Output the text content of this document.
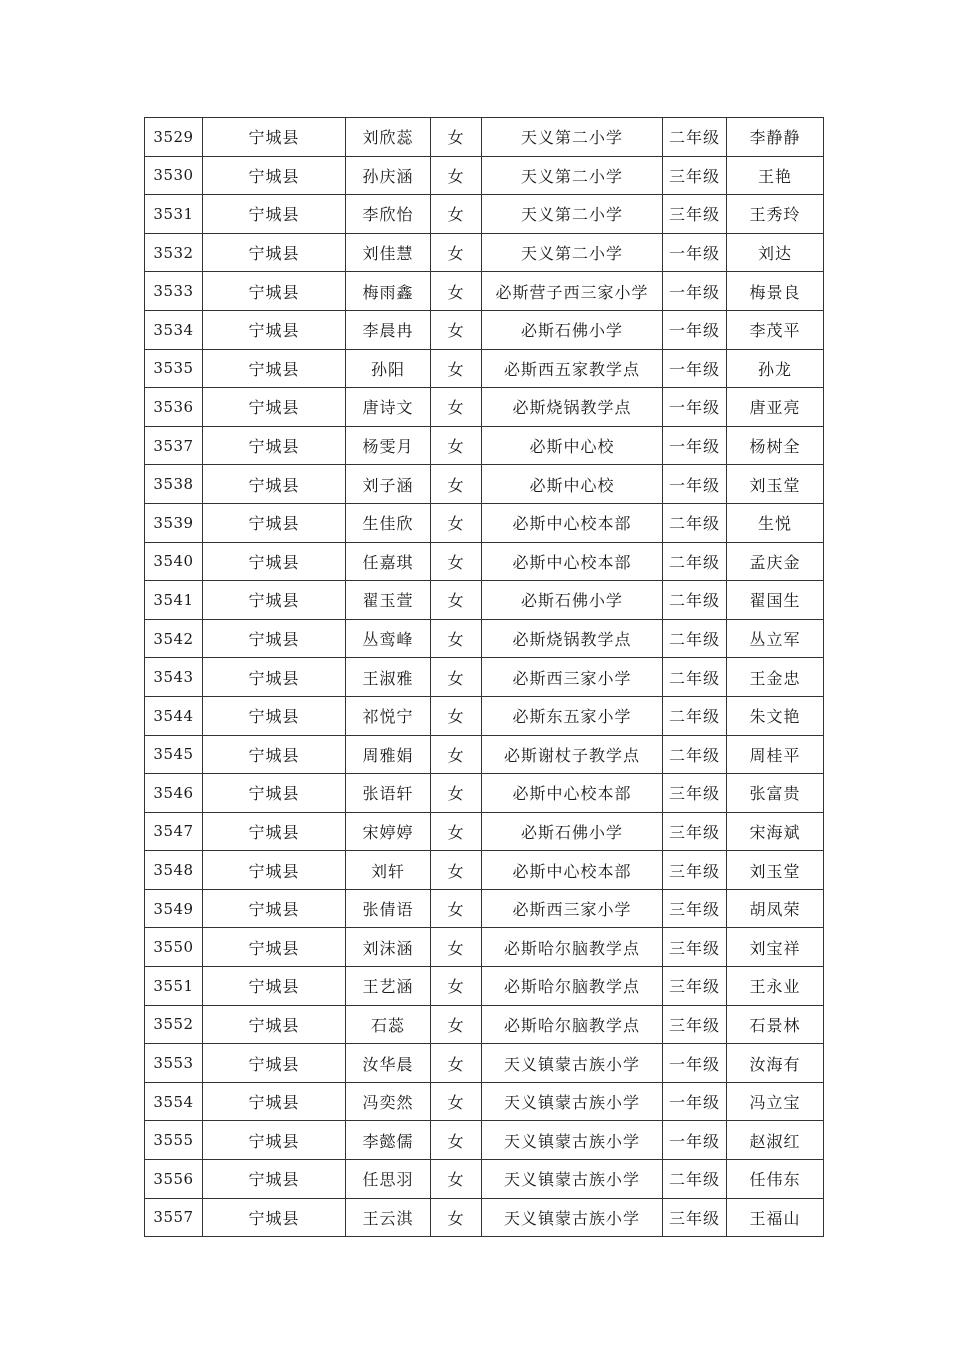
3529	宁城县	刘欣蕊	女	天义第二小学	二年级	李静静
3530	宁城县	孙庆涵	女	天义第二小学	三年级	王艳
3531	宁城县	李欣怡	女	天义第二小学	三年级	王秀玲
3532	宁城县	刘佳慧	女	天义第二小学	一年级	刘达
3533	宁城县	梅雨鑫	女	必斯营子西三家小学	一年级	梅景良
3534	宁城县	李晨冉	女	必斯石佛小学	一年级	李茂平
3535	宁城县	孙阳	女	必斯西五家教学点	一年级	孙龙
3536	宁城县	唐诗文	女	必斯烧锅教学点	一年级	唐亚亮
3537	宁城县	杨雯月	女	必斯中心校	一年级	杨树全
3538	宁城县	刘子涵	女	必斯中心校	一年级	刘玉堂
3539	宁城县	生佳欣	女	必斯中心校本部	二年级	生悦
3540	宁城县	任嘉琪	女	必斯中心校本部	二年级	孟庆金
3541	宁城县	翟玉萱	女	必斯石佛小学	二年级	翟国生
3542	宁城县	丛鸾峰	女	必斯烧锅教学点	二年级	丛立军
3543	宁城县	王淑雅	女	必斯西三家小学	二年级	王金忠
3544	宁城县	祁悦宁	女	必斯东五家小学	二年级	朱文艳
3545	宁城县	周雅娟	女	必斯谢杖子教学点	二年级	周桂平
3546	宁城县	张语轩	女	必斯中心校本部	三年级	张富贵
3547	宁城县	宋婷婷	女	必斯石佛小学	三年级	宋海斌
3548	宁城县	刘轩	女	必斯中心校本部	三年级	刘玉堂
3549	宁城县	张倩语	女	必斯西三家小学	三年级	胡凤荣
3550	宁城县	刘沫涵	女	必斯哈尔脑教学点	三年级	刘宝祥
3551	宁城县	王艺涵	女	必斯哈尔脑教学点	三年级	王永业
3552	宁城县	石蕊	女	必斯哈尔脑教学点	三年级	石景林
3553	宁城县	汝华晨	女	天义镇蒙古族小学	一年级	汝海有
3554	宁城县	冯奕然	女	天义镇蒙古族小学	一年级	冯立宝
3555	宁城县	李懿儒	女	天义镇蒙古族小学	一年级	赵淑红
3556	宁城县	任思羽	女	天义镇蒙古族小学	二年级	任伟东
3557	宁城县	王云淇	女	天义镇蒙古族小学	三年级	王福山
